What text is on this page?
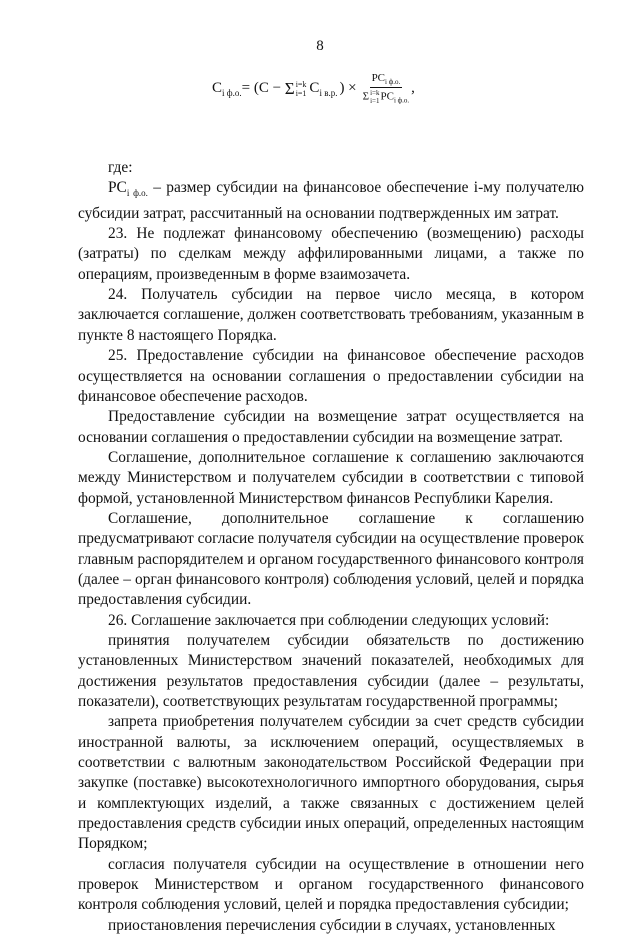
8
$C_{i ф.о.} = (C - \Sigma$ i=k
i=1 $C_{i в.р.}$ ) × $PC_{i ф.о.}$
Σ i=k
i=1 $PC_{i ф.о.}$ ,

где:

$PC_{i ф.о.}$ – размер субсидии на финансовое обеспечение i-му получателю субсидии затрат, рассчитанный на основании подтвержденных им затрат.

23. Не подлежат финансовому обеспечению (возмещению) расходы (затраты) по сделкам между аффилированными лицами, а также по операциям, произведенным в форме взаимозачета.

24. Получатель субсидии на первое число месяца, в котором заключается соглашение, должен соответствовать требованиям, указанным в пункте 8 настоящего Порядка.

25. Предоставление субсидии на финансовое обеспечение расходов осуществляется на основании соглашения о предоставлении субсидии на финансовое обеспечение расходов.

Предоставление субсидии на возмещение затрат осуществляется на основании соглашения о предоставлении субсидии на возмещение затрат.

Соглашение, дополнительное соглашение к соглашению заключаются между Министерством и получателем субсидии в соответствии с типовой формой, установленной Министерством финансов Республики Карелия.

Соглашение, дополнительное соглашение к соглашению предусматривают согласие получателя субсидии на осуществление проверок главным распорядителем и органом государственного финансового контроля (далее – орган финансового контроля) соблюдения условий, целей и порядка предоставления субсидии.

26. Соглашение заключается при соблюдении следующих условий:

принятия получателем субсидии обязательств по достижению установленных Министерством значений показателей, необходимых для достижения результатов предоставления субсидии (далее – результаты, показатели), соответствующих результатам государственной программы;

запрета приобретения получателем субсидии за счет средств субсидии иностранной валюты, за исключением операций, осуществляемых в соответствии с валютным законодательством Российской Федерации при закупке (поставке) высокотехнологичного импортного оборудования, сырья и комплектующих изделий, а также связанных с достижением целей предоставления средств субсидии иных операций, определенных настоящим Порядком;

согласия получателя субсидии на осуществление в отношении него проверок Министерством и органом государственного финансового контроля соблюдения условий, целей и порядка предоставления субсидии;

приостановления перечисления субсидии в случаях, установленных
